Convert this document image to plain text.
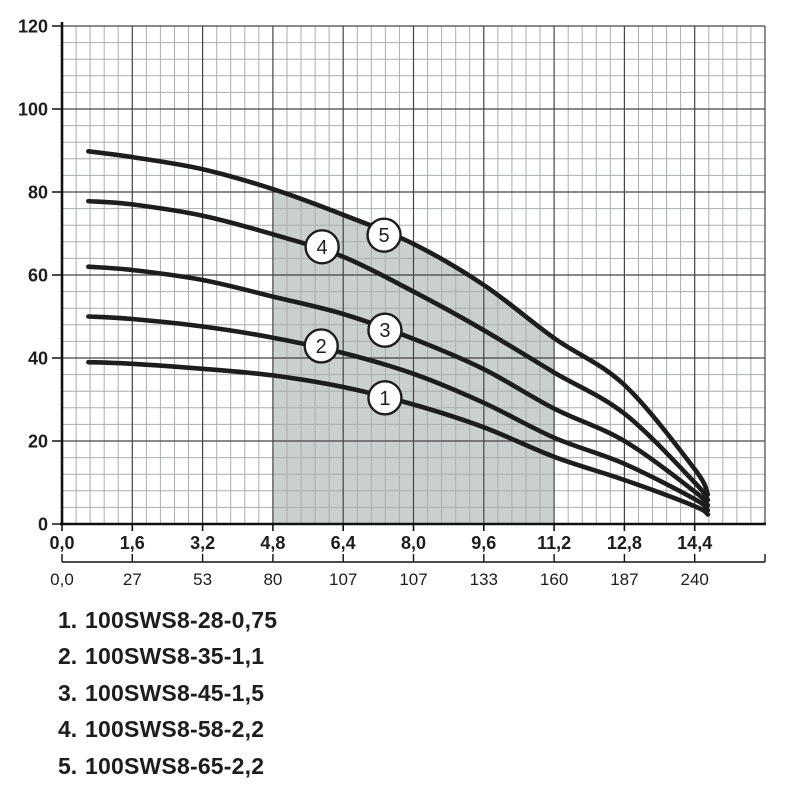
0
20
40
60
80
100
120
0,0	1,6	3,2	4,8	6,4	8,0	9,6 11,2 12,8 14,4
0,0	27	53	80	107 107 133 160 187 240
1
2
3
4
5
1. 100SWS8-28-0,75
2. 100SWS8-35-1,1
3. 100SWS8-45-1,5
4. 100SWS8-58-2,2
5. 100SWS8-65-2,2
